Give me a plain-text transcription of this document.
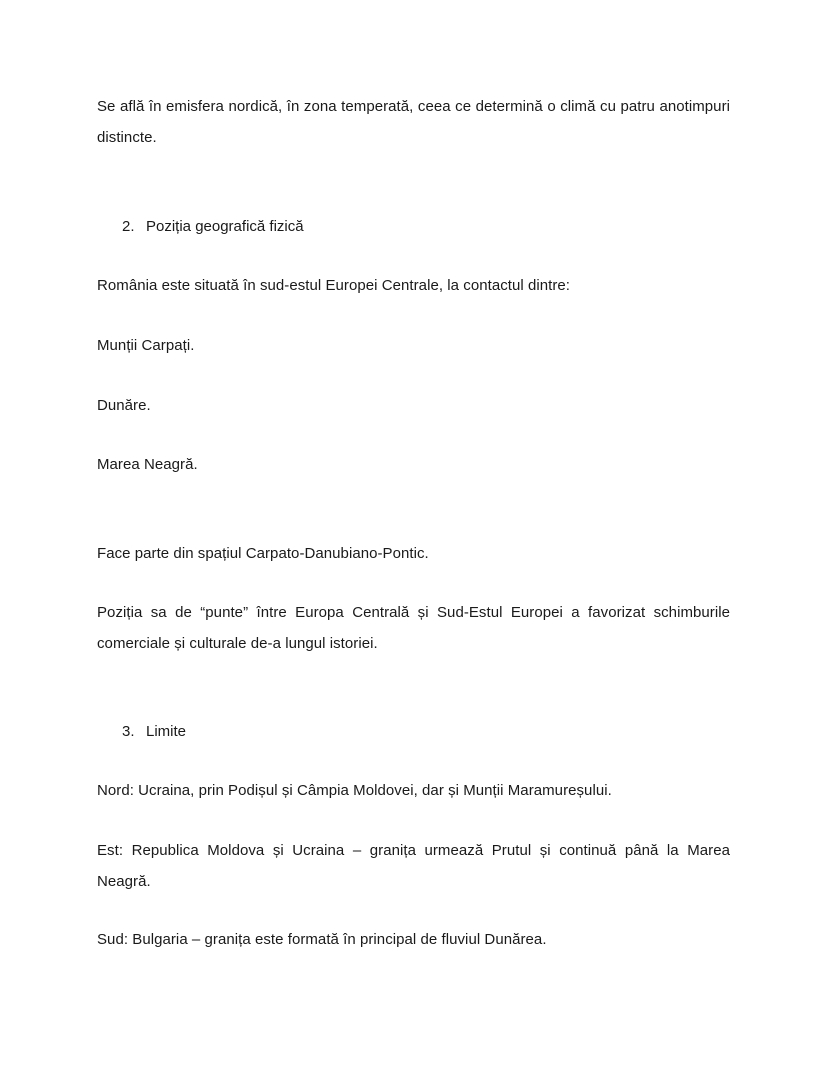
Se află în emisfera nordică, în zona temperată, ceea ce determină o climă cu patru anotimpuri distincte.

2. Poziția geografică fizică

România este situată în sud-estul Europei Centrale, la contactul dintre:

Munții Carpați.

Dunăre.

Marea Neagră.

Face parte din spațiul Carpato-Danubiano-Pontic.

Poziția sa de “punte” între Europa Centrală și Sud-Estul Europei a favorizat schimburile comerciale și culturale de-a lungul istoriei.

3. Limite

Nord: Ucraina, prin Podișul și Câmpia Moldovei, dar și Munții Maramureșului.

Est: Republica Moldova și Ucraina – granița urmează Prutul și continuă până la Marea Neagră.

Sud: Bulgaria – granița este formată în principal de fluviul Dunărea.
